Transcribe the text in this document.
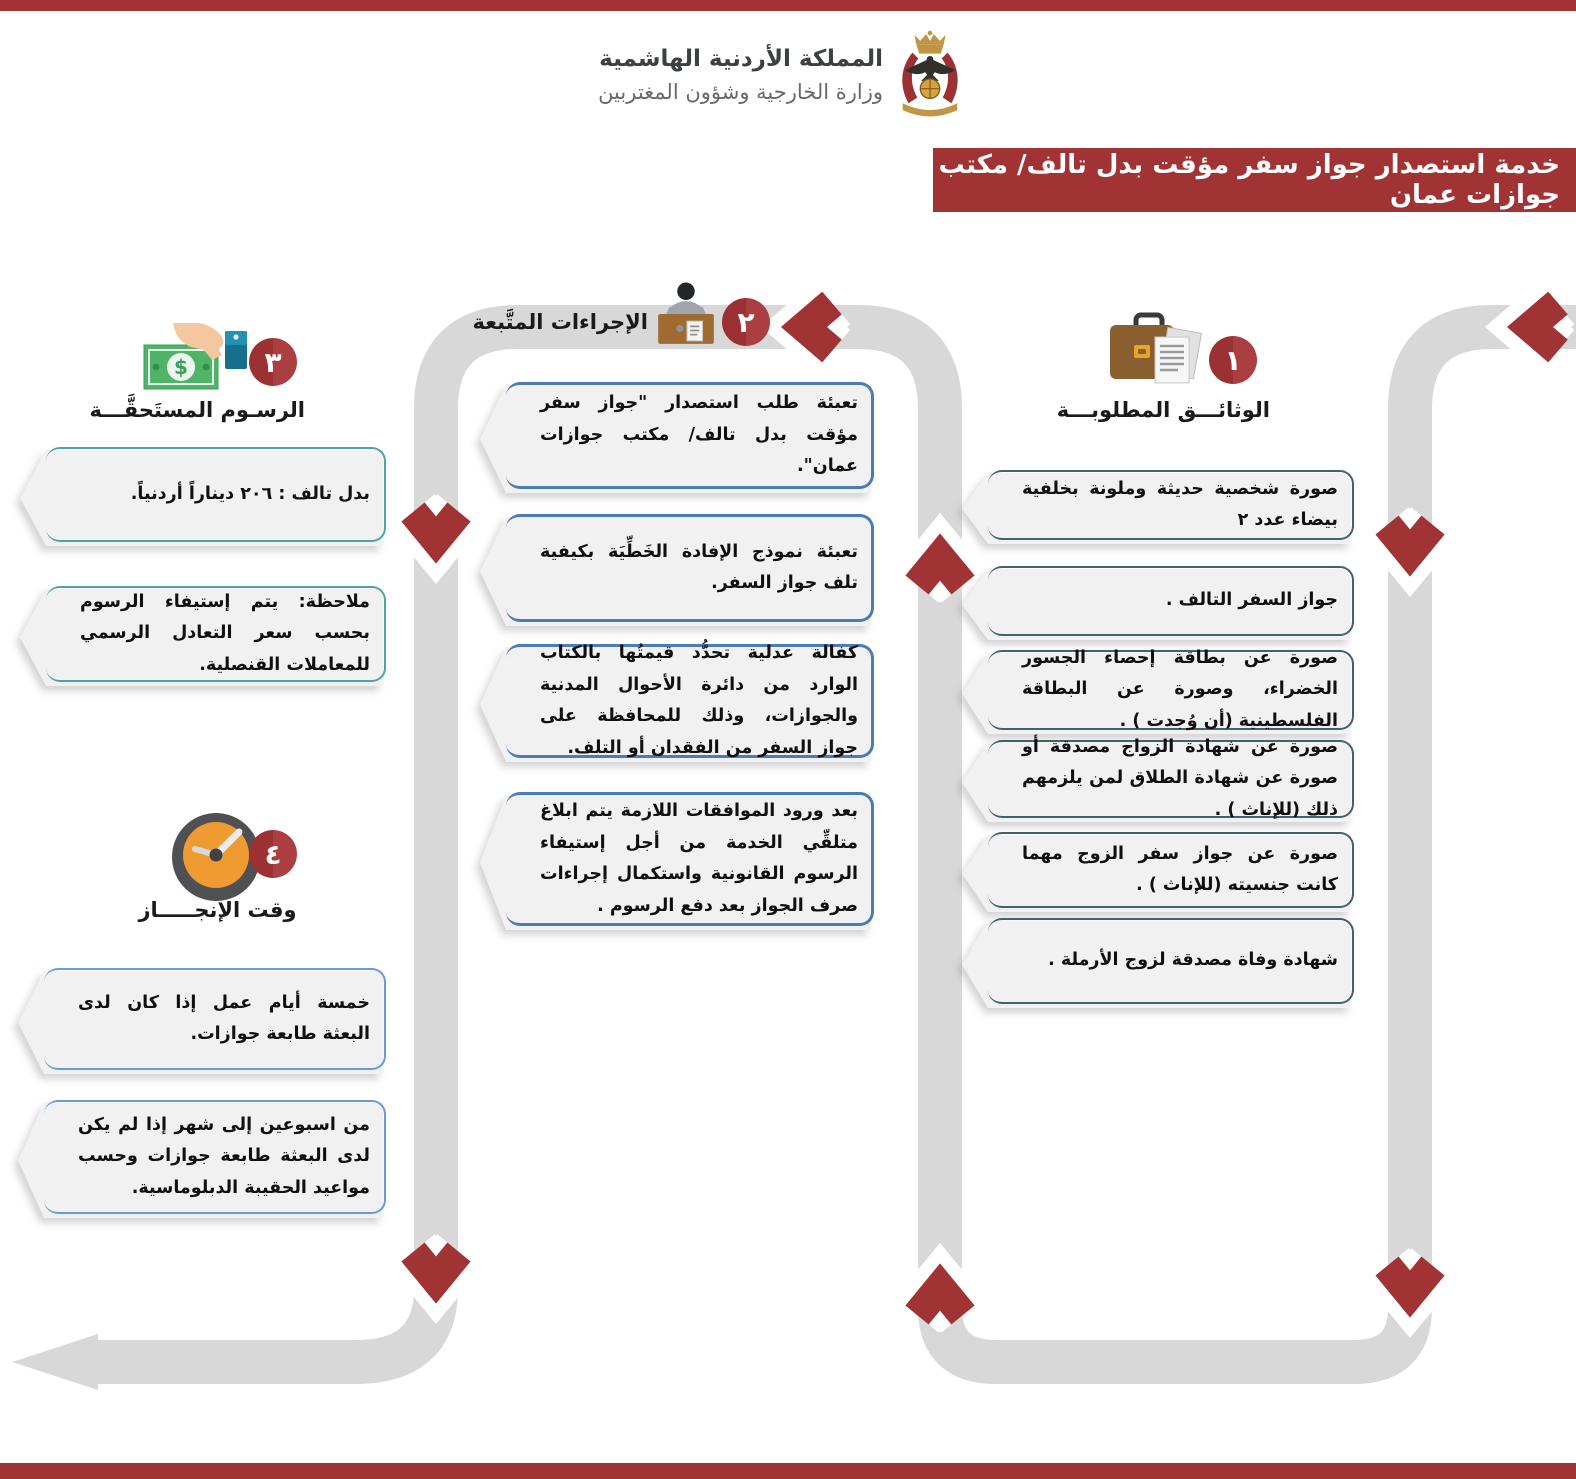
المملكة الأردنية الهاشمية
وزارة الخارجية وشؤون المغتربين
خدمة استصدار جواز سفر مؤقت بدل تالف/ مكتب جوازات عمان
١
الوثائـــق المطلوبـــة
٢
الإجراءات المتَّبعة
$	٣
الرسـوم المستَحقَّـــة
٤
وقت الإنجـــــاز
صورة شخصية حديثة وملونة بخلفية بيضاء عدد ٢
جواز السفر التالف .
صورة عن بطاقة إحصاء الجسور الخضراء، وصورة عن البطاقة الفلسطينية (أن وُجدت ) .
صورة عن شهادة الزواج مصدقة أو صورة عن شهادة الطلاق لمن يلزمهم ذلك (للإناث ) .
صورة عن جواز سفر الزوج مهما كانت جنسيته (للإناث ) .
شهادة وفاة مصدقة لزوج الأرملة .
تعبئة طلب استصدار "جواز سفر مؤقت بدل تالف/ مكتب جوازات عمان".
تعبئة نموذج الإفادة الخَطِّيَة بكيفية تلف جواز السفر.
كفالة عدلية تحدُّد قيمتُها بالكتاب الوارد من دائرة الأحوال المدنية والجوازات، وذلك للمحافظة على جواز السفر من الفقدان أو التلف.
بعد ورود الموافقات اللازمة يتم ابلاغ متلقِّي الخدمة من أجل إستيفاء الرسوم القانونية واستكمال إجراءات صرف الجواز بعد دفع الرسوم .
بدل تالف : ٢٠٦ ديناراً أردنياً.
ملاحظة: يتم إستيفاء الرسوم بحسب سعر التعادل الرسمي للمعاملات القنصلية.
خمسة أيام عمل إذا كان لدى البعثة طابعة جوازات.
من اسبوعين إلى شهر إذا لم يكن لدى البعثة طابعة جوازات وحسب مواعيد الحقيبة الدبلوماسية.
